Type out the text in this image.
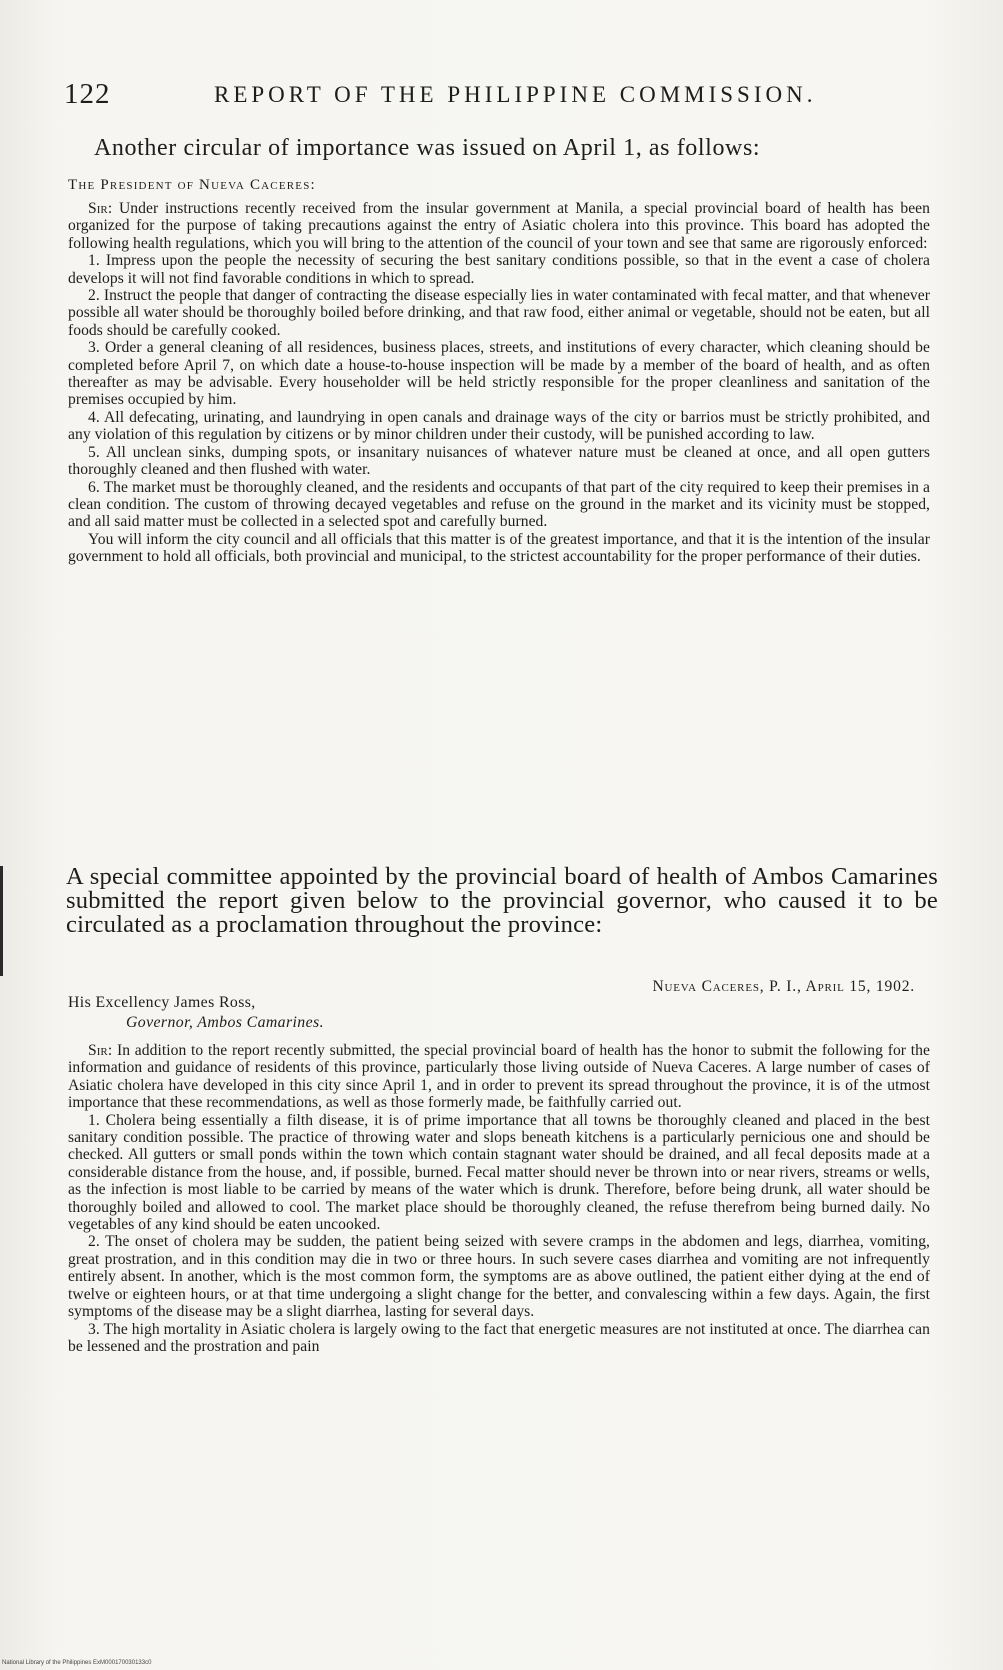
122	REPORT OF THE PHILIPPINE COMMISSION.
Another circular of importance was issued on April 1, as follows:
The President of Nueva Caceres:

Sir: Under instructions recently received from the insular government at Manila, a special provincial board of health has been organized for the purpose of taking precautions against the entry of Asiatic cholera into this province. This board has adopted the following health regulations, which you will bring to the attention of the council of your town and see that same are rigorously enforced:

1. Impress upon the people the necessity of securing the best sanitary conditions possible, so that in the event a case of cholera develops it will not find favorable conditions in which to spread.

2. Instruct the people that danger of contracting the disease especially lies in water contaminated with fecal matter, and that whenever possible all water should be thoroughly boiled before drinking, and that raw food, either animal or vegetable, should not be eaten, but all foods should be carefully cooked.

3. Order a general cleaning of all residences, business places, streets, and institutions of every character, which cleaning should be completed before April 7, on which date a house-to-house inspection will be made by a member of the board of health, and as often thereafter as may be advisable. Every householder will be held strictly responsible for the proper cleanliness and sanitation of the premises occupied by him.

4. All defecating, urinating, and laundrying in open canals and drainage ways of the city or barrios must be strictly prohibited, and any violation of this regulation by citizens or by minor children under their custody, will be punished according to law.

5. All unclean sinks, dumping spots, or insanitary nuisances of whatever nature must be cleaned at once, and all open gutters thoroughly cleaned and then flushed with water.

6. The market must be thoroughly cleaned, and the residents and occupants of that part of the city required to keep their premises in a clean condition. The custom of throwing decayed vegetables and refuse on the ground in the market and its vicinity must be stopped, and all said matter must be collected in a selected spot and carefully burned.

You will inform the city council and all officials that this matter is of the greatest importance, and that it is the intention of the insular government to hold all officials, both provincial and municipal, to the strictest accountability for the proper performance of their duties.

A special committee appointed by the provincial board of health of Ambos Camarines submitted the report given below to the provincial governor, who caused it to be circulated as a proclamation throughout the province:
Nueva Caceres, P. I., April 15, 1902.
His Excellency James Ross,
Governor, Ambos Camarines.

Sir: In addition to the report recently submitted, the special provincial board of health has the honor to submit the following for the information and guidance of residents of this province, particularly those living outside of Nueva Caceres. A large number of cases of Asiatic cholera have developed in this city since April 1, and in order to prevent its spread throughout the province, it is of the utmost importance that these recommendations, as well as those formerly made, be faithfully carried out.

1. Cholera being essentially a filth disease, it is of prime importance that all towns be thoroughly cleaned and placed in the best sanitary condition possible. The practice of throwing water and slops beneath kitchens is a particularly pernicious one and should be checked. All gutters or small ponds within the town which contain stagnant water should be drained, and all fecal deposits made at a considerable distance from the house, and, if possible, burned. Fecal matter should never be thrown into or near rivers, streams or wells, as the infection is most liable to be carried by means of the water which is drunk. Therefore, before being drunk, all water should be thoroughly boiled and allowed to cool. The market place should be thoroughly cleaned, the refuse therefrom being burned daily. No vegetables of any kind should be eaten uncooked.

2. The onset of cholera may be sudden, the patient being seized with severe cramps in the abdomen and legs, diarrhea, vomiting, great prostration, and in this condition may die in two or three hours. In such severe cases diarrhea and vomiting are not infrequently entirely absent. In another, which is the most common form, the symptoms are as above outlined, the patient either dying at the end of twelve or eighteen hours, or at that time undergoing a slight change for the better, and convalescing within a few days. Again, the first symptoms of the disease may be a slight diarrhea, lasting for several days.

3. The high mortality in Asiatic cholera is largely owing to the fact that energetic measures are not instituted at once. The diarrhea can be lessened and the prostration and pain

National Library of the Philippines ExM000170030133c0
